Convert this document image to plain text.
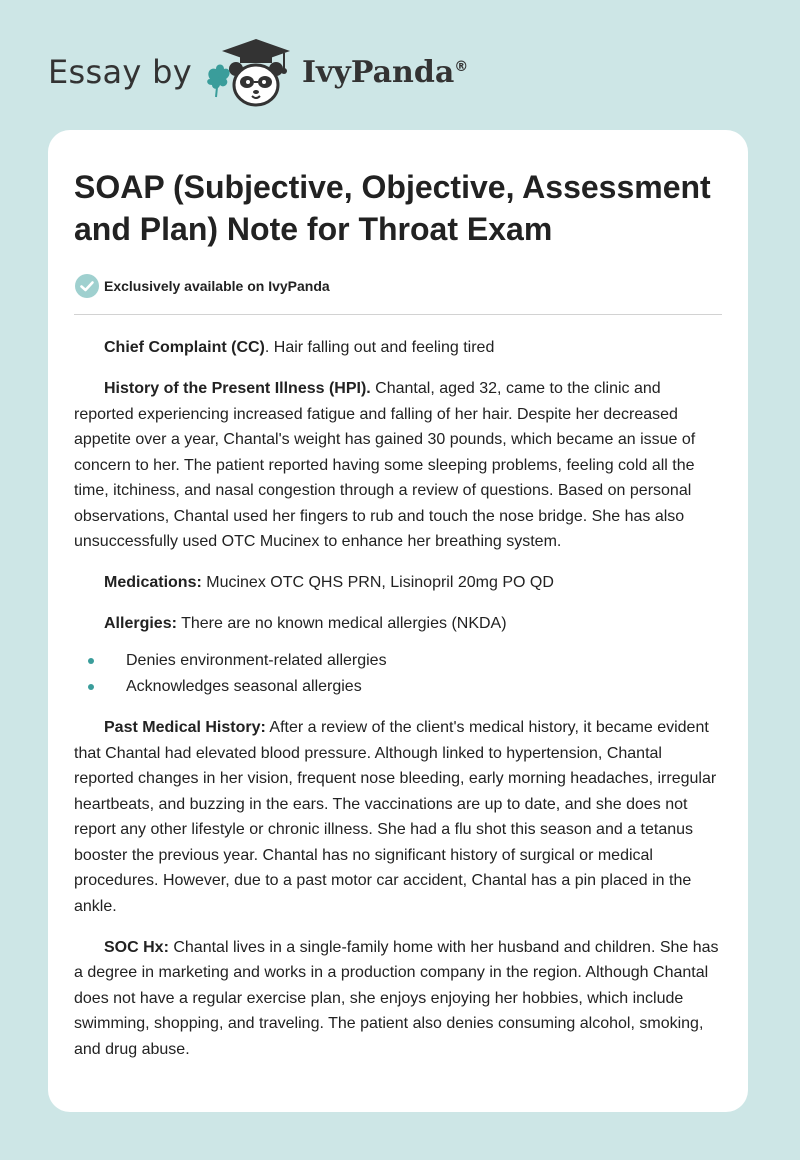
Essay by	IvyPanda®
SOAP (Subjective, Objective, Assessment and Plan) Note for Throat Exam
Exclusively available on IvyPanda

Chief Complaint (CC). Hair falling out and feeling tired

History of the Present Illness (HPI). Chantal, aged 32, came to the clinic and reported experiencing increased fatigue and falling of her hair. Despite her decreased appetite over a year, Chantal's weight has gained 30 pounds, which became an issue of concern to her. The patient reported having some sleeping problems, feeling cold all the time, itchiness, and nasal congestion through a review of questions. Based on personal observations, Chantal used her fingers to rub and touch the nose bridge. She has also unsuccessfully used OTC Mucinex to enhance her breathing system.

Medications: Mucinex OTC QHS PRN, Lisinopril 20mg PO QD

Allergies: There are no known medical allergies (NKDA)

Denies environment-related allergies
Acknowledges seasonal allergies

Past Medical History: After a review of the client's medical history, it became evident that Chantal had elevated blood pressure. Although linked to hypertension, Chantal reported changes in her vision, frequent nose bleeding, early morning headaches, irregular heartbeats, and buzzing in the ears. The vaccinations are up to date, and she does not report any other lifestyle or chronic illness. She had a flu shot this season and a tetanus booster the previous year. Chantal has no significant history of surgical or medical procedures. However, due to a past motor car accident, Chantal has a pin placed in the ankle.

SOC Hx: Chantal lives in a single-family home with her husband and children. She has a degree in marketing and works in a production company in the region. Although Chantal does not have a regular exercise plan, she enjoys enjoying her hobbies, which include swimming, shopping, and traveling. The patient also denies consuming alcohol, smoking, and drug abuse.
